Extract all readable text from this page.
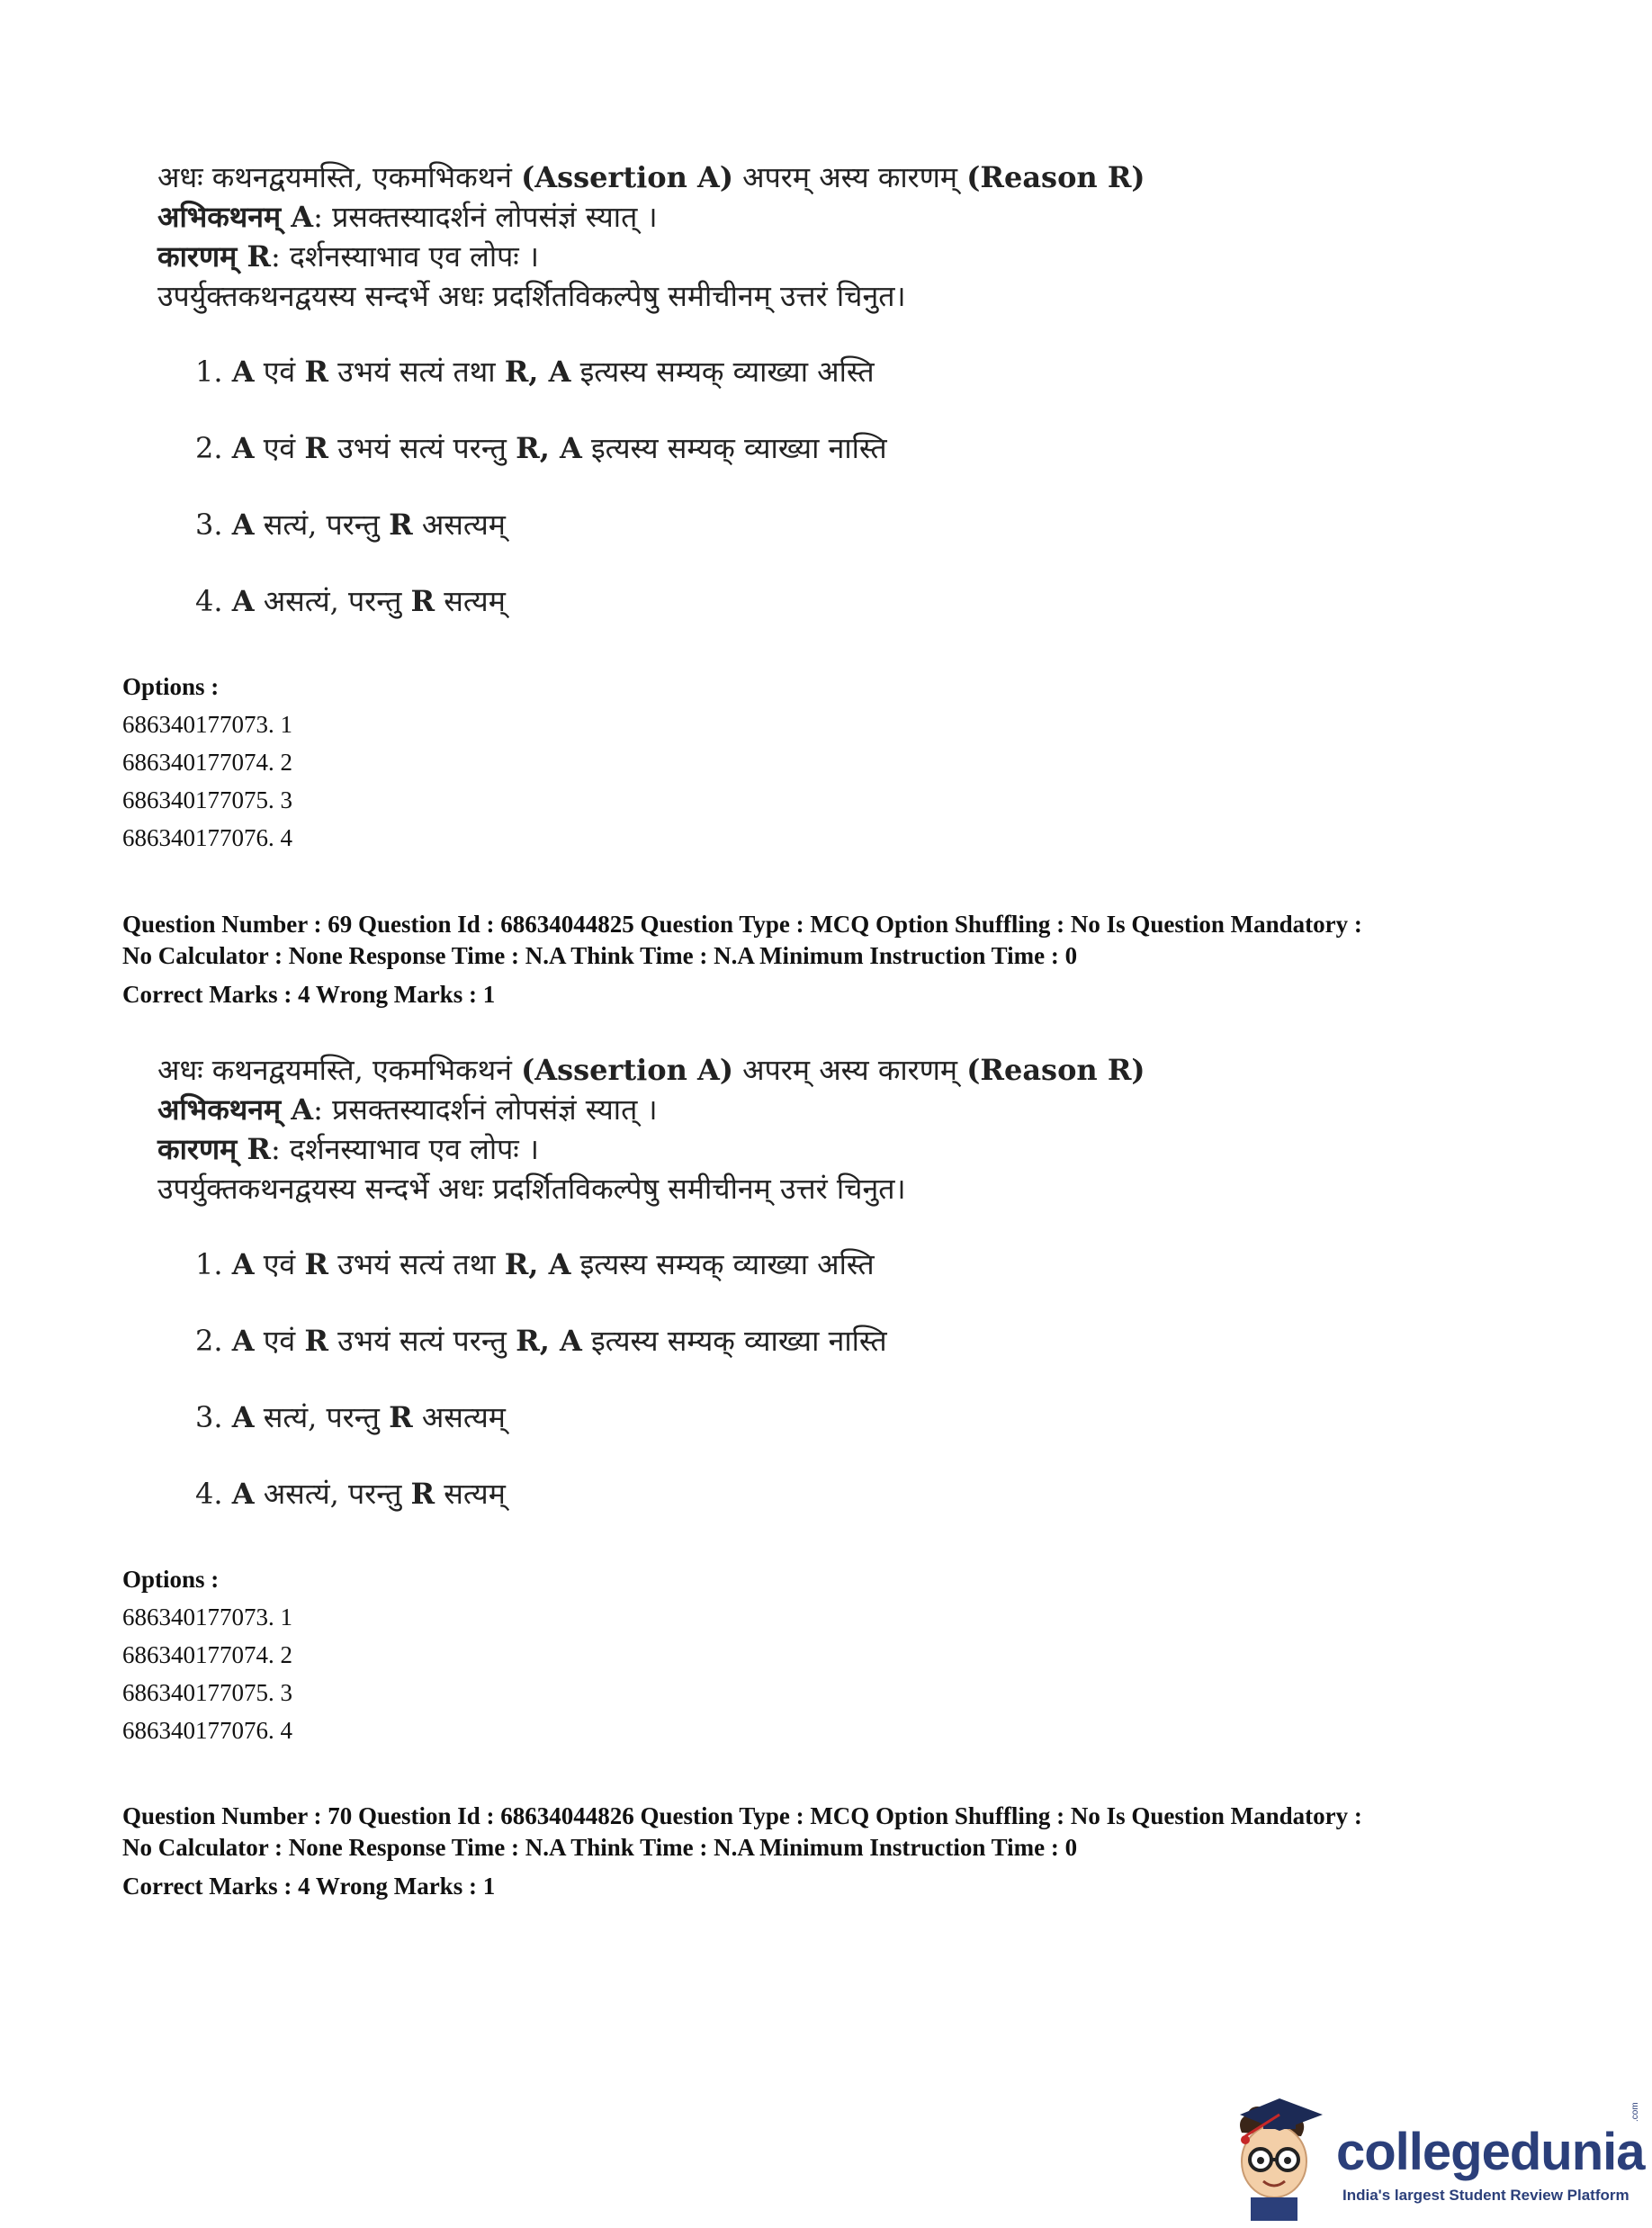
अधः कथनद्वयमस्ति, एकमभिकथनं (Assertion A) अपरम् अस्य कारणम् (Reason R)
अभिकथनम् A: प्रसक्तस्यादर्शनं लोपसंज्ञं स्यात् ।
कारणम् R: दर्शनस्याभाव एव लोपः ।
उपर्युक्तकथनद्वयस्य सन्दर्भे अधः प्रदर्शितविकल्पेषु समीचीनम् उत्तरं चिनुत।
1. A एवं R उभयं सत्यं तथा R, A इत्यस्य सम्यक् व्याख्या अस्ति
2. A एवं R उभयं सत्यं परन्तु R, A इत्यस्य सम्यक् व्याख्या नास्ति
3. A सत्यं, परन्तु R असत्यम्
4. A असत्यं, परन्तु R सत्यम्
Options :
686340177073. 1
686340177074. 2
686340177075. 3
686340177076. 4
Question Number : 69 Question Id : 68634044825 Question Type : MCQ Option Shuffling : No Is Question Mandatory :
No Calculator : None Response Time : N.A Think Time : N.A Minimum Instruction Time : 0
Correct Marks : 4 Wrong Marks : 1
अधः कथनद्वयमस्ति, एकमभिकथनं (Assertion A) अपरम् अस्य कारणम् (Reason R)
अभिकथनम् A: प्रसक्तस्यादर्शनं लोपसंज्ञं स्यात् ।
कारणम् R: दर्शनस्याभाव एव लोपः ।
उपर्युक्तकथनद्वयस्य सन्दर्भे अधः प्रदर्शितविकल्पेषु समीचीनम् उत्तरं चिनुत।
1. A एवं R उभयं सत्यं तथा R, A इत्यस्य सम्यक् व्याख्या अस्ति
2. A एवं R उभयं सत्यं परन्तु R, A इत्यस्य सम्यक् व्याख्या नास्ति
3. A सत्यं, परन्तु R असत्यम्
4. A असत्यं, परन्तु R सत्यम्
Options :
686340177073. 1
686340177074. 2
686340177075. 3
686340177076. 4
Question Number : 70 Question Id : 68634044826 Question Type : MCQ Option Shuffling : No Is Question Mandatory :
No Calculator : None Response Time : N.A Think Time : N.A Minimum Instruction Time : 0
Correct Marks : 4 Wrong Marks : 1
collegedunia
.com
India's largest Student Review Platform
